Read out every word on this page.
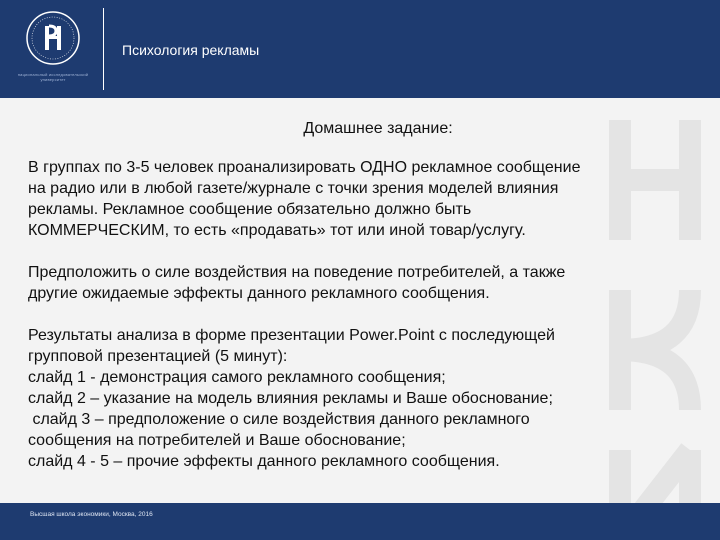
национальный исследовательский университет
Психология рекламы
Домашнее задание:
В группах по 3-5 человек проанализировать ОДНО рекламное сообщение
на радио или в любой газете/журнале с точки зрения моделей влияния
рекламы. Рекламное сообщение обязательно должно быть
КОММЕРЧЕСКИМ, то есть «продавать» тот или иной товар/услугу.
Предположить о силе воздействия на поведение потребителей, а также
другие ожидаемые эффекты данного рекламного сообщения.
Результаты анализа в форме презентации Power.Point с последующей
групповой презентацией (5 минут):
слайд 1 - демонстрация самого рекламного сообщения;
слайд 2 – указание на модель влияния рекламы и Ваше обоснование;
слайд 3 – предположение о силе воздействия данного рекламного
сообщения на потребителей и Ваше обоснование;
слайд 4 - 5 – прочие эффекты данного рекламного сообщения.
Высшая школа экономики, Москва, 2016
